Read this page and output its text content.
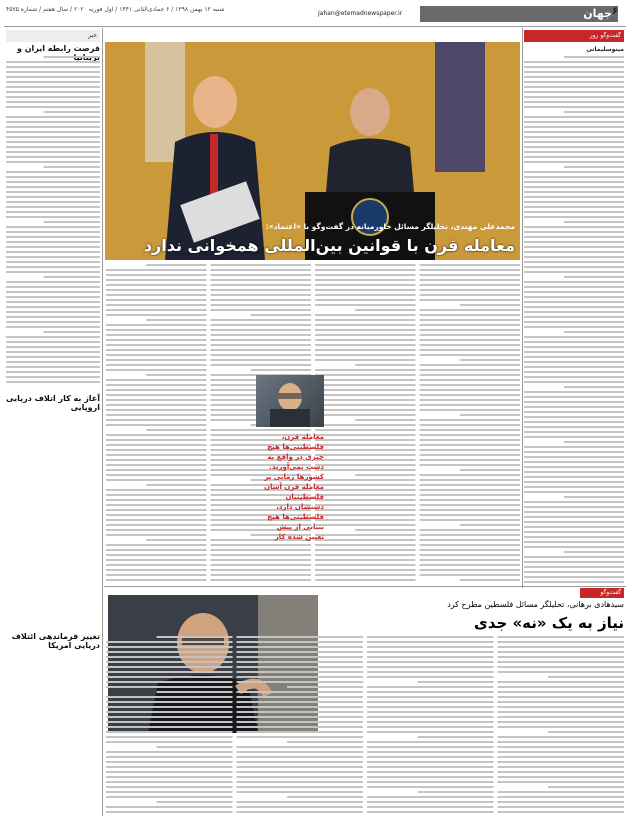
شنبه ۱۲ بهمن ۱۳۹۸ / ۶ جمادی‌الثانی ۱۴۴۱ / اول فوریه ۲۰۲۰ / سال هفتم / شماره ۴۵۷۵
Jahan@etemadnewspaper.ir	جهان ۶
خبر
فرصت رابطه ایران و
آغاز به کار اتلاف دریایی اروپایی
تغییر فرماندهی ائتلاف دریایی امریکا
گفت‌وگو روز
مینوسلیمانی
محمدعلی مهتدی، تحلیلگر مسائل خاورمیانه در گفت‌وگو با «اعتماد»:
معامله قرن با قوانین بین‌المللی همخوانی ندارد
معامله قرن، فلسطینی‌ها هیچ چیزی در واقع به دست نمی‌آورند. کشورها زمانی بر معامله قرن آسان فلسطینیان دستشان دارد، فلسطینی‌ها هیچ بنیانی از پیش تعیین شده کار
گفت‌وگو
سیدهادی برهانی، تحلیلگر مسائل فلسطین مطرح کرد
نیاز به یک «نه» جدی
